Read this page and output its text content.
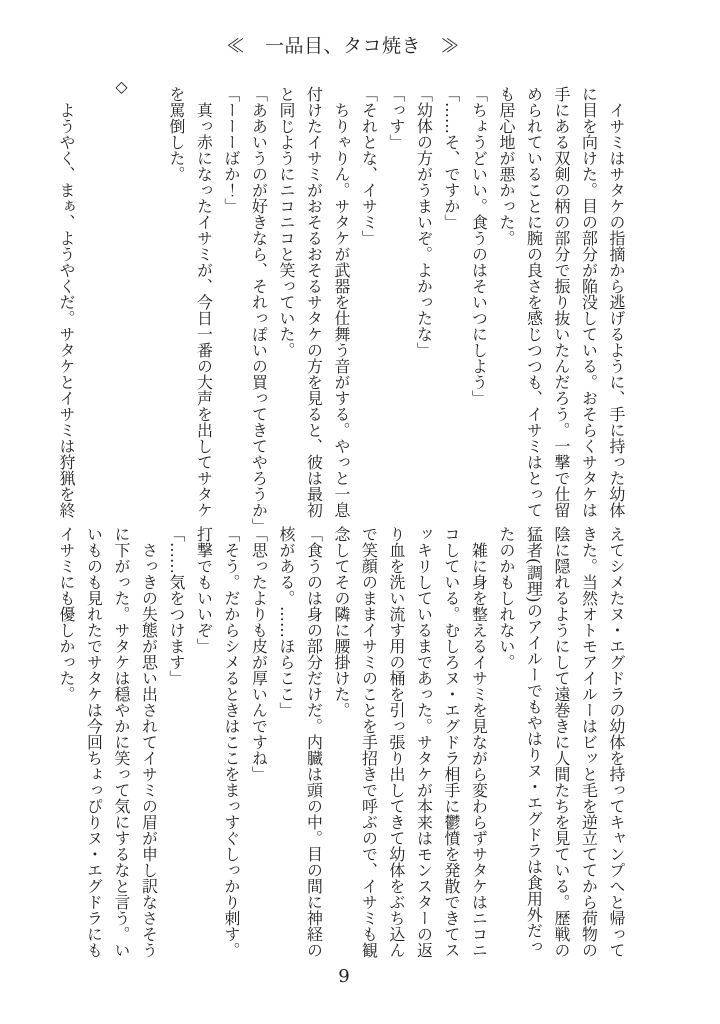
≪　一品目、タコ焼き　≫
　イサミはサタケの指摘から逃げるように、手に持った幼体
に目を向けた。目の部分が陥没している。おそらくサタケは
手にある双剣の柄の部分で振り抜いたんだろう。一撃で仕留
められていることに腕の良さを感じつつも、イサミはとって
も居心地が悪かった。
「ちょうどいい。食うのはそいつにしよう」
「……そ、ですか」
「幼体の方がうまいぞ。よかったな」
「っす」
「それとな、イサミ」
　ちりゃりん。サタケが武器を仕舞う音がする。やっと一息
付けたイサミがおそるおそるサタケの方を見ると、彼は最初
と同じようにニコニコと笑っていた。
「ああいうのが好きなら、それっぽいの買ってきてやろうか」
「ーーーばか！」
　真っ赤になったイサミが、今日一番の大声を出してサタケ
を罵倒した。

◇

　ようやく、まぁ、ようやくだ。サタケとイサミは狩猟を終
えてシメたヌ・エグドラの幼体を持ってキャンプへと帰って
きた。当然オトモアイルーはビッと毛を逆立ててから荷物の
陰に隠れるようにして遠巻きに人間たちを見ている。歴戦の
猛者(調理)のアイルーでもやはりヌ・エグドラは食用外だっ
たのかもしれない。
　雑に身を整えるイサミを見ながら変わらずサタケはニコニ
コしている。むしろヌ・エグドラ相手に鬱憤を発散できてス
ッキリしているまであった。サタケが本来はモンスターの返
り血を洗い流す用の桶を引っ張り出してきて幼体をぶち込ん
で笑顔のままイサミのことを手招きで呼ぶので、イサミも観
念してその隣に腰掛けた。
「食うのは身の部分だけだ。内臓は頭の中。目の間に神経の
核がある。……ほらここ」
「思ったよりも皮が厚いんですね」
「そう。だからシメるときはここをまっすぐしっかり刺す。
打撃でもいいぞ」
「……気をつけます」
　さっきの失態が思い出されてイサミの眉が申し訳なさそう
に下がった。サタケは穏やかに笑って気にするなと言う。い
いものも見れたでサタケは今回ちょっぴりヌ・エグドラにも
イサミにも優しかった。
9
